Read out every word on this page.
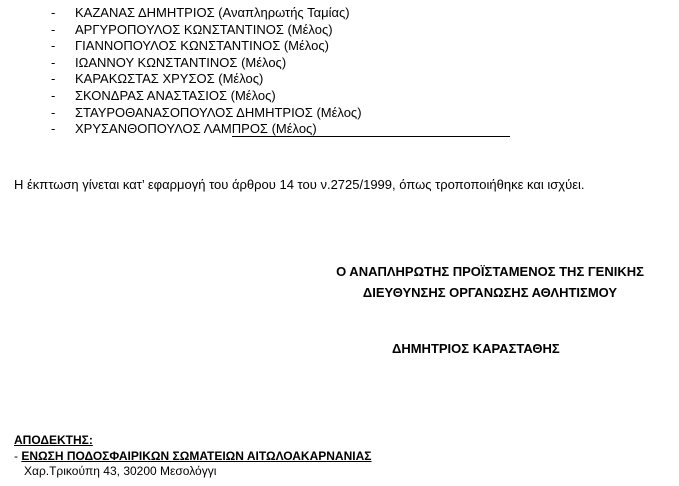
-	ΚΑΖΑΝΑΣ ΔΗΜΗΤΡΙΟΣ (Αναπληρωτής Ταμίας)
-	ΑΡΓΥΡΟΠΟΥΛΟΣ ΚΩΝΣΤΑΝΤΙΝΟΣ (Μέλος)
-	ΓΙΑΝΝΟΠΟΥΛΟΣ ΚΩΝΣΤΑΝΤΙΝΟΣ (Μέλος)
-	ΙΩΑΝΝΟΥ ΚΩΝΣΤΑΝΤΙΝΟΣ (Μέλος)
-	ΚΑΡΑΚΩΣΤΑΣ ΧΡΥΣΟΣ (Μέλος)
-	ΣΚΟΝΔΡΑΣ ΑΝΑΣΤΑΣΙΟΣ (Μέλος)
-	ΣΤΑΥΡΟΘΑΝΑΣΟΠΟΥΛΟΣ ΔΗΜΗΤΡΙΟΣ (Μέλος)
-	ΧΡΥΣΑΝΘΟΠΟΥΛΟΣ ΛΑΜΠΡΟΣ (Μέλος)
Η έκπτωση γίνεται κατ’ εφαρμογή του άρθρου 14 του ν.2725/1999, όπως τροποποιήθηκε και ισχύει.
Ο ΑΝΑΠΛΗΡΩΤΗΣ ΠΡΟΪΣΤΑΜΕΝΟΣ ΤΗΣ ΓΕΝΙΚΗΣ
ΔΙΕΥΘΥΝΣΗΣ ΟΡΓΑΝΩΣΗΣ ΑΘΛΗΤΙΣΜΟΥ
ΔΗΜΗΤΡΙΟΣ ΚΑΡΑΣΤΑΘΗΣ
ΑΠΟΔΕΚΤΗΣ:
- ΕΝΩΣΗ ΠΟΔΟΣΦΑΙΡΙΚΩΝ ΣΩΜΑΤΕΙΩΝ ΑΙΤΩΛΟΑΚΑΡΝΑΝΙΑΣ
Χαρ.Τρικούπη 43, 30200 Μεσολόγγι
